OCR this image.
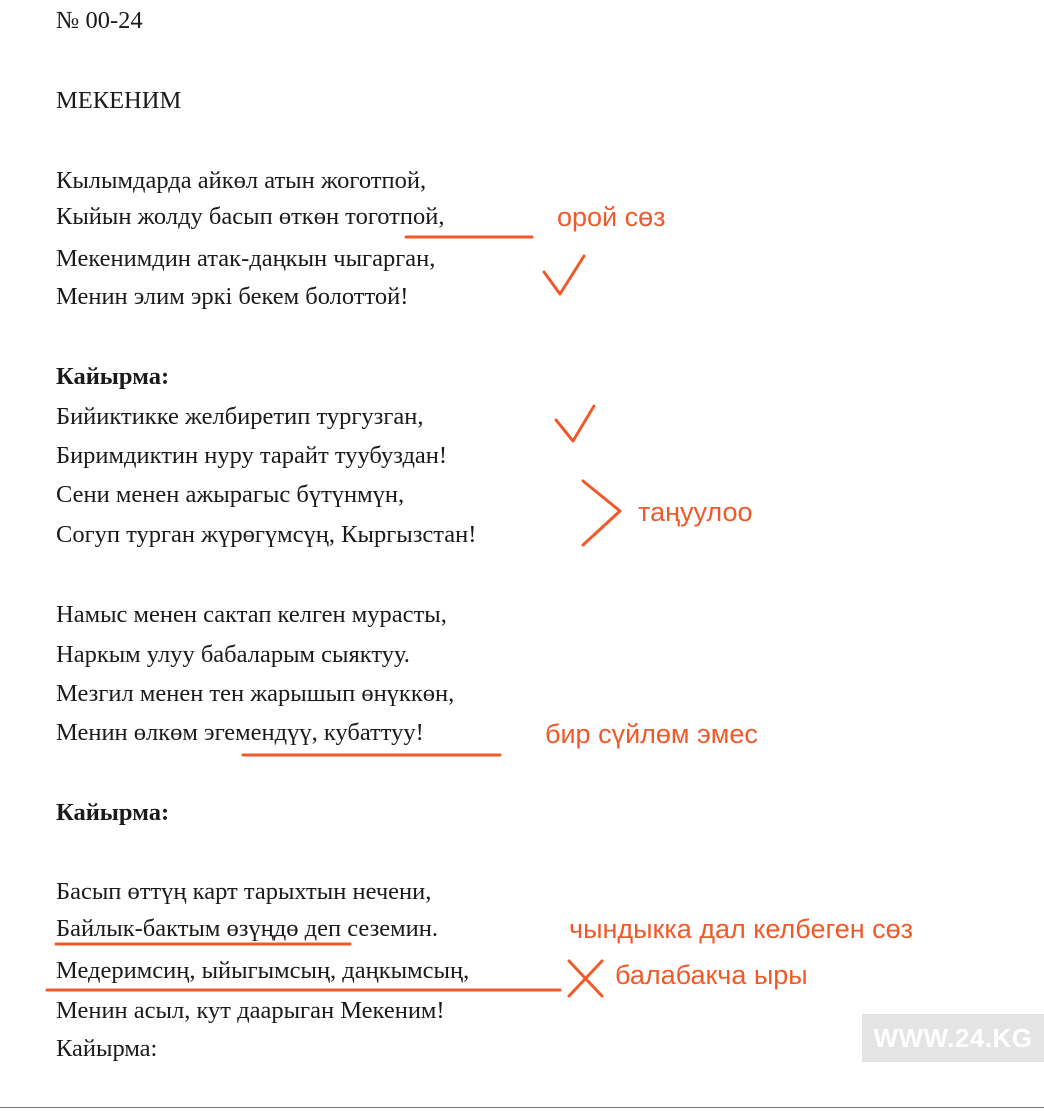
№ 00-24
МЕКЕНИМ
Кылымдарда айкөл атын жоготпой,
Кыйын жолду басып өткөн тоготпой,
Мекенимдин атак-даңкын чыгарган,
Менин элим эркi бекем болоттой!
Кайырма:
Бийиктикке желбиретип тургузган,
Биримдиктин нуру тарайт туубуздан!
Сени менен ажырагыс бүтүнмүн,
Согуп турган жүрөгүмсүң, Кыргызстан!
Намыс менен сактап келген мурасты,
Наркым улуу бабаларым сыяктуу.
Мезгил менен тен жарышып өнүккөн,
Менин өлкөм эгемендүү, кубаттуу!
Кайырма:
Басып өттүң карт тарыхтын нечени,
Байлык-бактым өзүңдө деп сеземин.
Медеримсиң, ыйыгымсың, даңкымсың,
Менин асыл, кут даарыган Мекеним!
Кайырма:
орой сөз
таңуулоо
бир сүйлөм эмес
чындыкка дал келбеген сөз
балабакча ыры
WWW.24.KG
